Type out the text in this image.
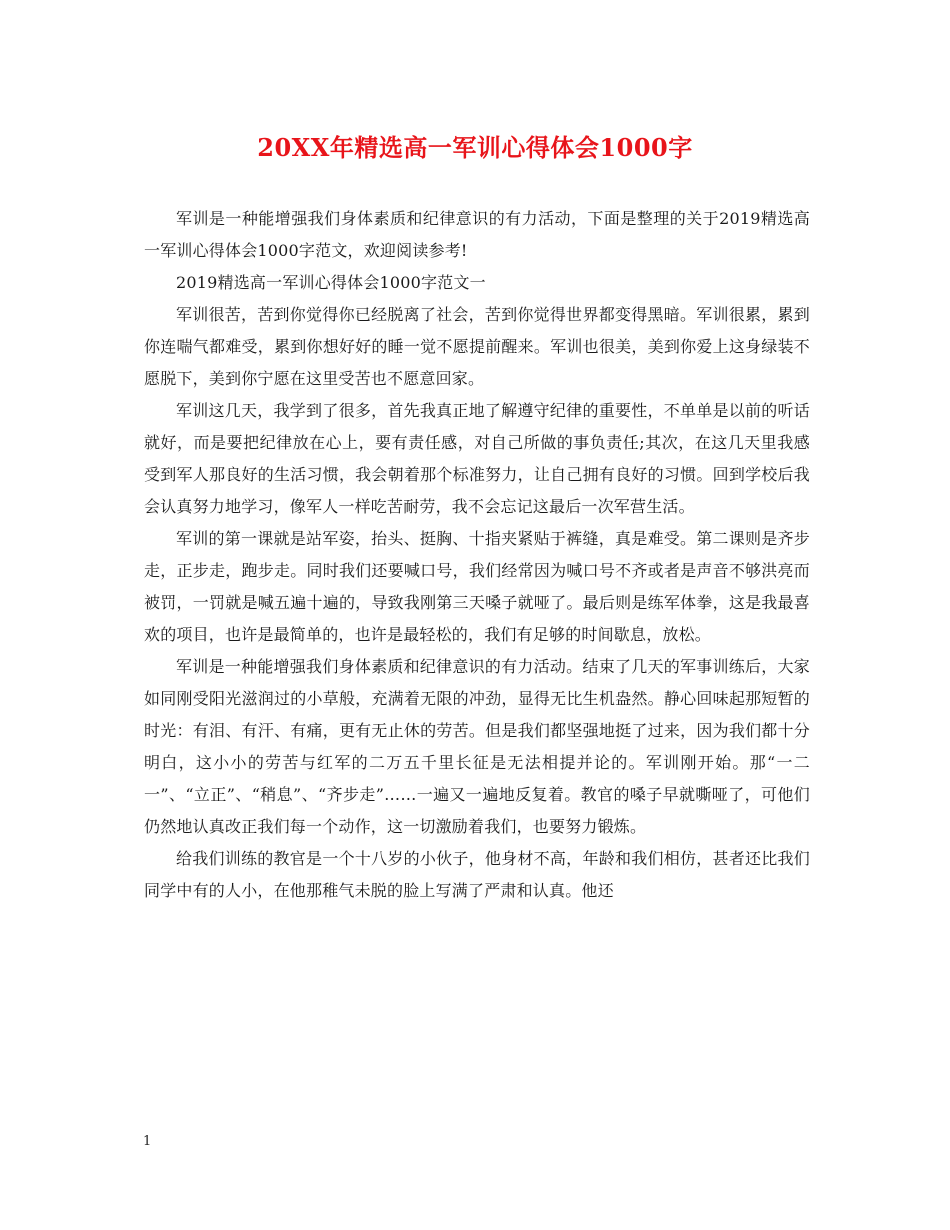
20XX年精选高一军训心得体会1000字

军训是一种能增强我们身体素质和纪律意识的有力活动，下面是整理的关于2019精选高一军训心得体会1000字范文，欢迎阅读参考!

2019精选高一军训心得体会1000字范文一

军训很苦，苦到你觉得你已经脱离了社会，苦到你觉得世界都变得黑暗。军训很累，累到你连喘气都难受，累到你想好好的睡一觉不愿提前醒来。军训也很美，美到你爱上这身绿装不愿脱下，美到你宁愿在这里受苦也不愿意回家。

军训这几天，我学到了很多，首先我真正地了解遵守纪律的重要性，不单单是以前的听话就好，而是要把纪律放在心上，要有责任感，对自己所做的事负责任;其次，在这几天里我感受到军人那良好的生活习惯，我会朝着那个标准努力，让自己拥有良好的习惯。回到学校后我会认真努力地学习，像军人一样吃苦耐劳，我不会忘记这最后一次军营生活。

军训的第一课就是站军姿，抬头、挺胸、十指夹紧贴于裤缝，真是难受。第二课则是齐步走，正步走，跑步走。同时我们还要喊口号，我们经常因为喊口号不齐或者是声音不够洪亮而被罚，一罚就是喊五遍十遍的，导致我刚第三天嗓子就哑了。最后则是练军体拳，这是我最喜欢的项目，也许是最简单的，也许是最轻松的，我们有足够的时间歇息，放松。

军训是一种能增强我们身体素质和纪律意识的有力活动。结束了几天的军事训练后，大家如同刚受阳光滋润过的小草般，充满着无限的冲劲，显得无比生机盎然。静心回味起那短暂的时光：有泪、有汗、有痛，更有无止休的劳苦。但是我们都坚强地挺了过来，因为我们都十分明白，这小小的劳苦与红军的二万五千里长征是无法相提并论的。军训刚开始。那“一二一”、“立正”、“稍息”、“齐步走”……一遍又一遍地反复着。教官的嗓子早就嘶哑了，可他们仍然地认真改正我们每一个动作，这一切激励着我们，也要努力锻炼。

给我们训练的教官是一个十八岁的小伙子，他身材不高，年龄和我们相仿，甚者还比我们同学中有的人小，在他那稚气未脱的脸上写满了严肃和认真。他还

1
